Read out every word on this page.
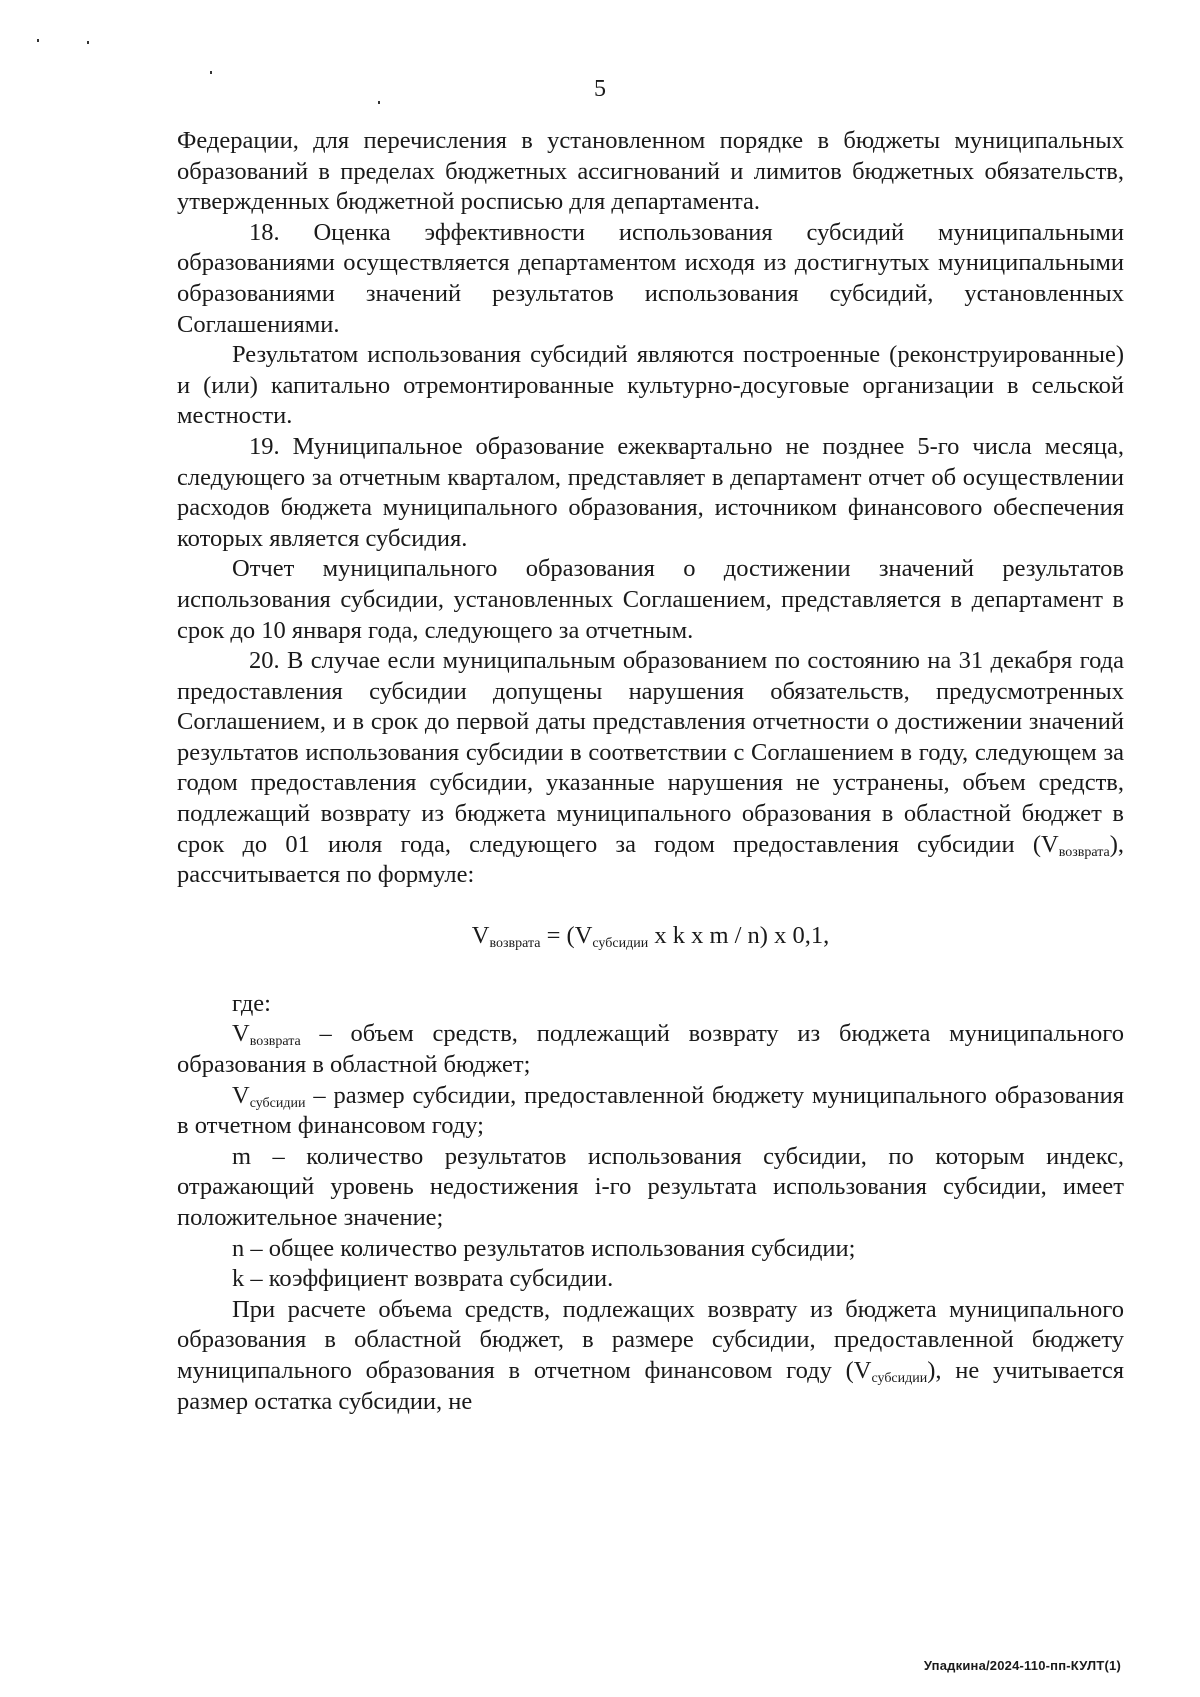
5

Федерации, для перечисления в установленном порядке в бюджеты муниципальных образований в пределах бюджетных ассигнований и лимитов бюджетных обязательств, утвержденных бюджетной росписью для департамента.

18. Оценка эффективности использования субсидий муниципальными образованиями осуществляется департаментом исходя из достигнутых муниципальными образованиями значений результатов использования субсидий, установленных Соглашениями.

Результатом использования субсидий являются построенные (реконструированные) и (или) капитально отремонтированные культурно-досуговые организации в сельской местности.

19. Муниципальное образование ежеквартально не позднее 5-го числа месяца, следующего за отчетным кварталом, представляет в департамент отчет об осуществлении расходов бюджета муниципального образования, источником финансового обеспечения которых является субсидия.

Отчет муниципального образования о достижении значений результатов использования субсидии, установленных Соглашением, представляется в департамент в срок до 10 января года, следующего за отчетным.

20. В случае если муниципальным образованием по состоянию на 31 декабря года предоставления субсидии допущены нарушения обязательств, предусмотренных Соглашением, и в срок до первой даты представления отчетности о достижении значений результатов использования субсидии в соответствии с Соглашением в году, следующем за годом предоставления субсидии, указанные нарушения не устранены, объем средств, подлежащий возврату из бюджета муниципального образования в областной бюджет в срок до 01 июля года, следующего за годом предоставления субсидии $(V_{возврата})$, рассчитывается по формуле:

$V_{возврата} = (V_{субсидии}$ x k x m / n) x 0,1,

где:

$V_{возврата}$ – объем средств, подлежащий возврату из бюджета муниципального образования в областной бюджет;

$V_{субсидии}$ – размер субсидии, предоставленной бюджету муниципального образования в отчетном финансовом году;

m – количество результатов использования субсидии, по которым индекс, отражающий уровень недостижения i-го результата использования субсидии, имеет положительное значение;

n – общее количество результатов использования субсидии;

k – коэффициент возврата субсидии.

При расчете объема средств, подлежащих возврату из бюджета муниципального образования в областной бюджет, в размере субсидии, предоставленной бюджету муниципального образования в отчетном финансовом году $(V_{субсидии})$, не учитывается размер остатка субсидии, не

Упадкина/2024-110-пп-КУЛТ(1)
